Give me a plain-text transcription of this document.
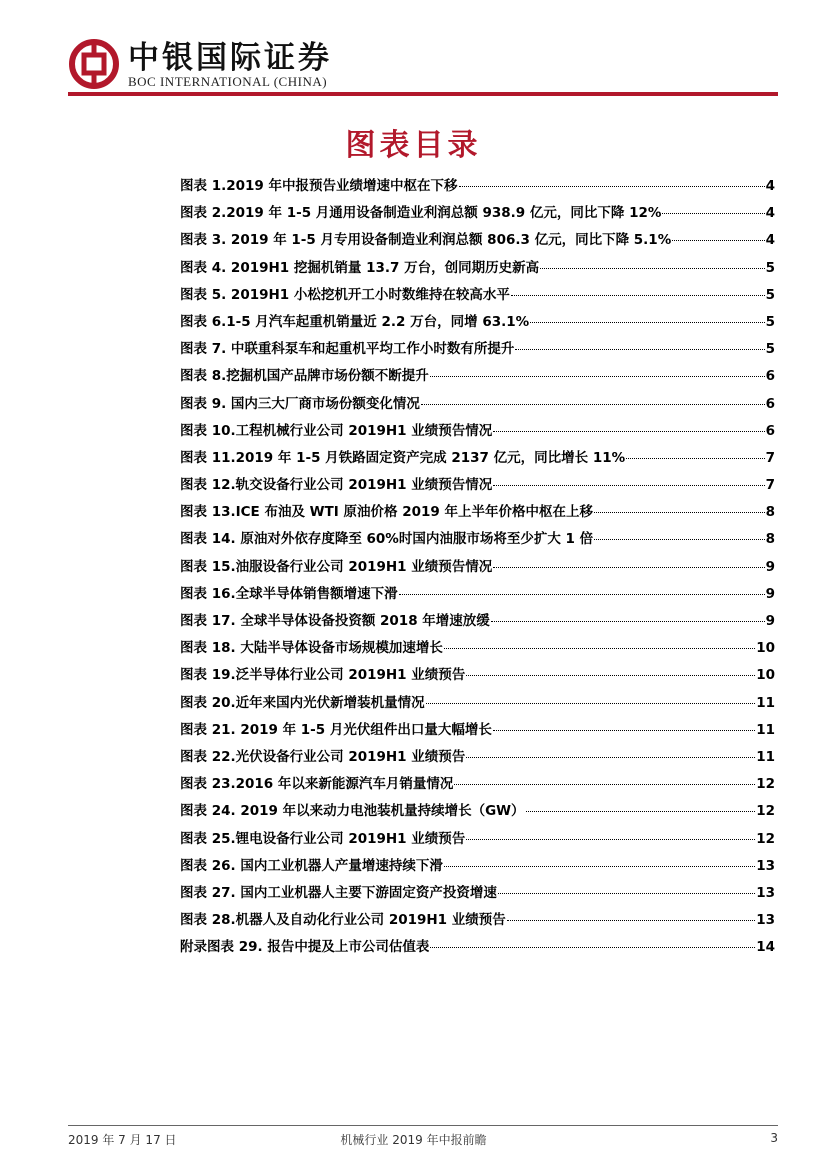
中银国际证券
BOC INTERNATIONAL (CHINA)
图表目录
图表 1.2019 年中报预告业绩增速中枢在下移	4
图表 2.2019 年 1-5 月通用设备制造业利润总额 938.9 亿元，同比下降 12%	4
图表 3. 2019 年 1-5 月专用设备制造业利润总额 806.3 亿元，同比下降 5.1%	4
图表 4. 2019H1 挖掘机销量 13.7 万台，创同期历史新高	5
图表 5. 2019H1 小松挖机开工小时数维持在较高水平	5
图表 6.1-5 月汽车起重机销量近 2.2 万台，同增 63.1%	5
图表 7. 中联重科泵车和起重机平均工作小时数有所提升	5
图表 8.挖掘机国产品牌市场份额不断提升	6
图表 9. 国内三大厂商市场份额变化情况	6
图表 10.工程机械行业公司 2019H1 业绩预告情况	6
图表 11.2019 年 1-5 月铁路固定资产完成 2137 亿元，同比增长 11%	7
图表 12.轨交设备行业公司 2019H1 业绩预告情况	7
图表 13.ICE 布油及 WTI 原油价格 2019 年上半年价格中枢在上移	8
图表 14. 原油对外依存度降至 60%时国内油服市场将至少扩大 1 倍	8
图表 15.油服设备行业公司 2019H1 业绩预告情况	9
图表 16.全球半导体销售额增速下滑	9
图表 17. 全球半导体设备投资额 2018 年增速放缓	9
图表 18. 大陆半导体设备市场规模加速增长	10
图表 19.泛半导体行业公司 2019H1 业绩预告	10
图表 20.近年来国内光伏新增装机量情况	11
图表 21. 2019 年 1-5 月光伏组件出口量大幅增长	11
图表 22.光伏设备行业公司 2019H1 业绩预告	11
图表 23.2016 年以来新能源汽车月销量情况	12
图表 24. 2019 年以来动力电池装机量持续增长（GW）	12
图表 25.锂电设备行业公司 2019H1 业绩预告	12
图表 26. 国内工业机器人产量增速持续下滑	13
图表 27. 国内工业机器人主要下游固定资产投资增速	13
图表 28.机器人及自动化行业公司 2019H1 业绩预告	13
附录图表 29. 报告中提及上市公司估值表	14
2019 年 7 月 17 日	机械行业 2019 年中报前瞻	3
